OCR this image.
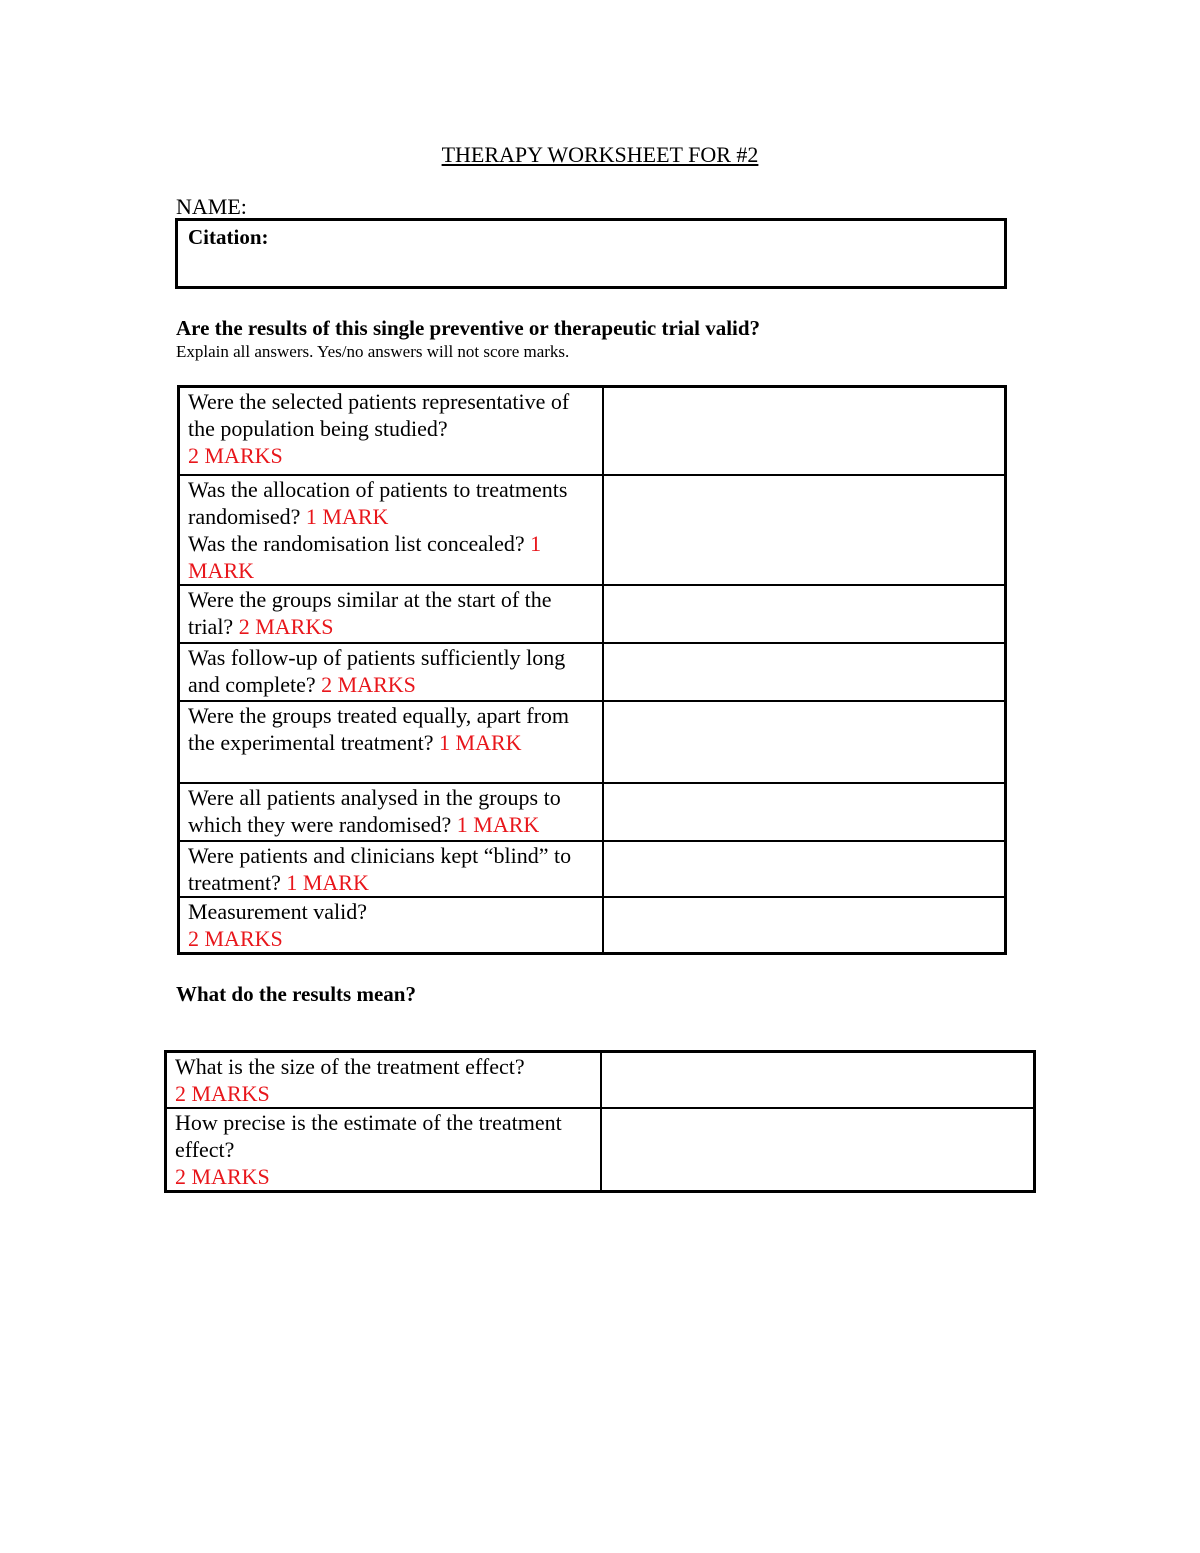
THERAPY WORKSHEET FOR #2
NAME:
Citation:
Are the results of this single preventive or therapeutic trial valid?
Explain all answers. Yes/no answers will not score marks.
Were the selected patients representative of the population being studied?
2 MARKS	
Was the allocation of patients to treatments randomised? 1 MARK
Was the randomisation list concealed? 1 MARK	
Were the groups similar at the start of the trial? 2 MARKS	
Was follow-up of patients sufficiently long and complete? 2 MARKS	
Were the groups treated equally, apart from the experimental treatment? 1 MARK	
Were all patients analysed in the groups to which they were randomised? 1 MARK	
Were patients and clinicians kept “blind” to treatment? 1 MARK	
Measurement valid?
2 MARKS	
What do the results mean?
What is the size of the treatment effect?
2 MARKS	
How precise is the estimate of the treatment effect?
2 MARKS	
